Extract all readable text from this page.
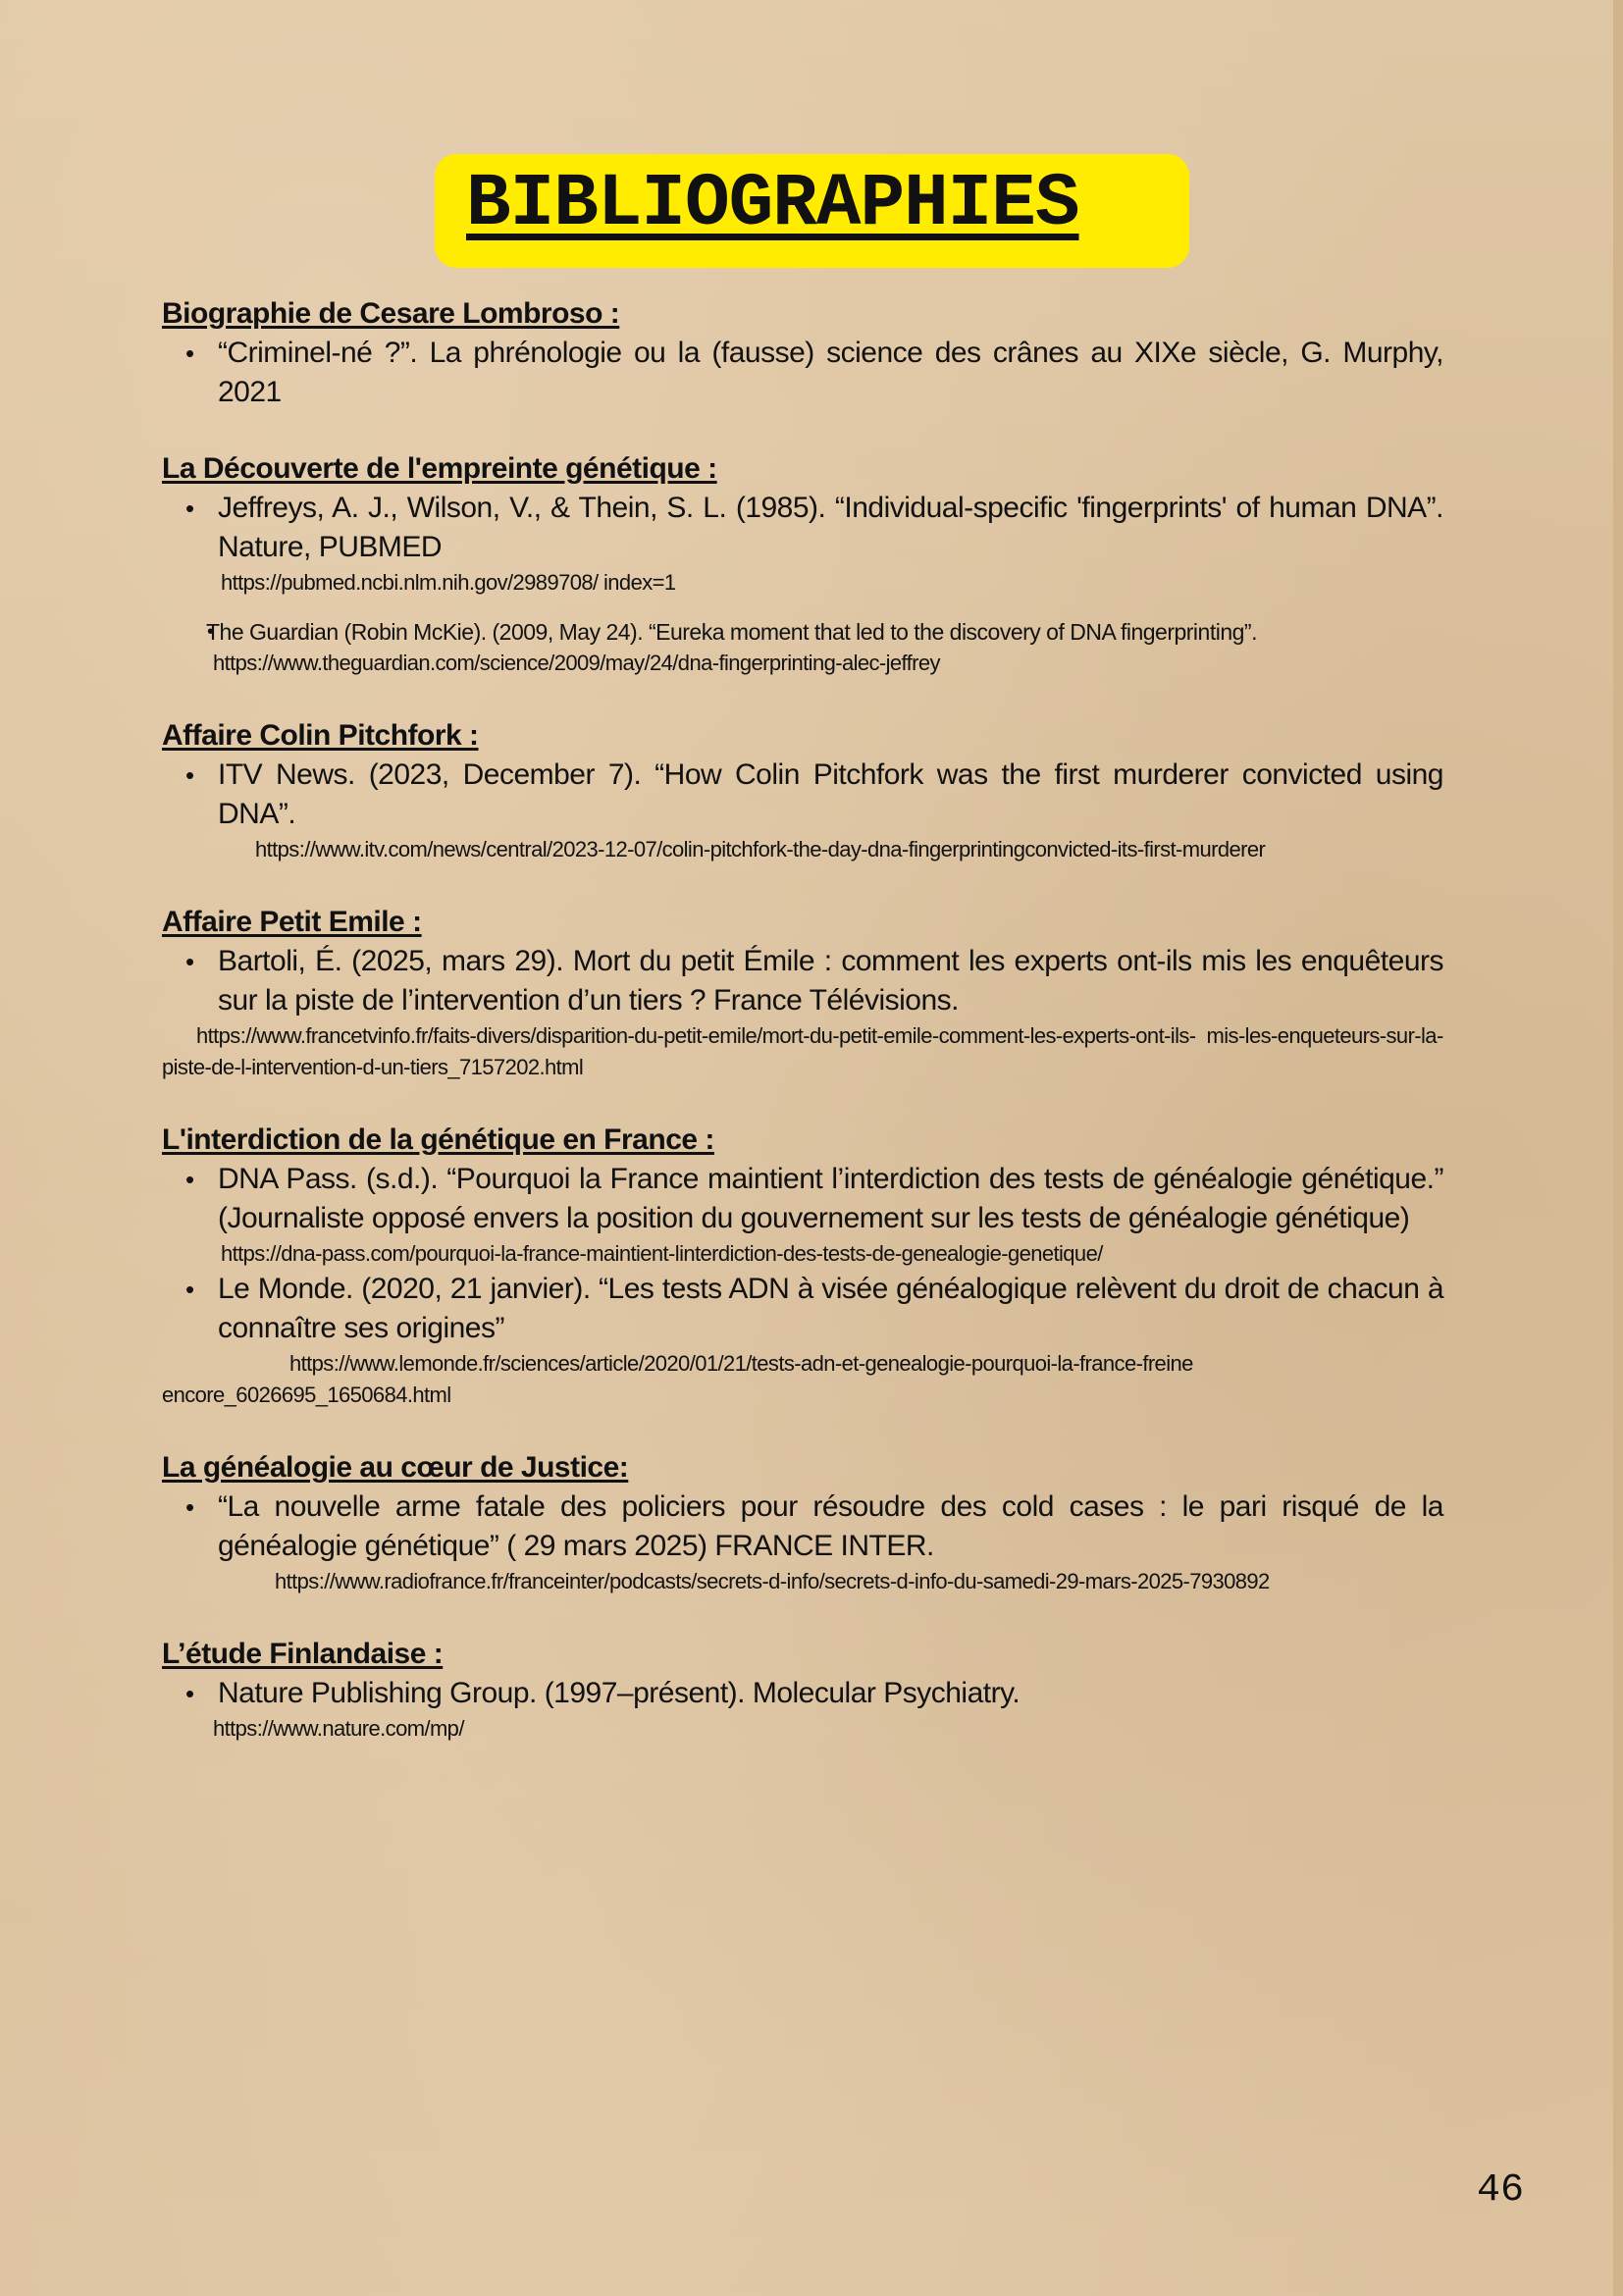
BIBLIOGRAPHIES
Biographie de Cesare Lombroso :
• “Criminel-né ?”. La phrénologie ou la (fausse) science des crânes au XIXe siècle, G. Murphy, 2021
La Découverte de l'empreinte génétique :
• Jeffreys, A. J., Wilson, V., & Thein, S. L. (1985). “Individual-specific 'fingerprints' of human DNA”. Nature, PUBMED
https://pubmed.ncbi.nlm.nih.gov/2989708/ index=1
• The Guardian (Robin McKie). (2009, May 24). “Eureka moment that led to the discovery of DNA fingerprinting”.
https://www.theguardian.com/science/2009/may/24/dna-fingerprinting-alec-jeffrey
Affaire Colin Pitchfork :
• ITV News. (2023, December 7). “How Colin Pitchfork was the first murderer convicted using DNA”.
https://www.itv.com/news/central/2023-12-07/colin-pitchfork-the-day-dna-fingerprintingconvicted-its-first-murderer
Affaire Petit Emile :
• Bartoli, É. (2025, mars 29). Mort du petit Émile : comment les experts ont-ils mis les enquêteurs sur la piste de l’intervention d’un tiers ? France Télévisions.
https://www.francetvinfo.fr/faits-divers/disparition-du-petit-emile/mort-du-petit-emile-comment-les-experts-ont-ils-  mis-les-enqueteurs-sur-la-piste-de-l-intervention-d-un-tiers_7157202.html
L'interdiction de la génétique en France :
• DNA Pass. (s.d.). “Pourquoi la France maintient l’interdiction des tests de généalogie génétique.” (Journaliste opposé envers la position du gouvernement sur les tests de généalogie génétique)
https://dna-pass.com/pourquoi-la-france-maintient-linterdiction-des-tests-de-genealogie-genetique/
• Le Monde. (2020, 21 janvier). “Les tests ADN à visée généalogique relèvent du droit de chacun à connaître ses origines”
https://www.lemonde.fr/sciences/article/2020/01/21/tests-adn-et-genealogie-pourquoi-la-france-freine encore_6026695_1650684.html
La généalogie au cœur de Justice:
• “La nouvelle arme fatale des policiers pour résoudre des cold cases : le pari risqué de la généalogie génétique” ( 29 mars 2025) FRANCE INTER.
https://www.radiofrance.fr/franceinter/podcasts/secrets-d-info/secrets-d-info-du-samedi-29-mars-2025-7930892
L’étude Finlandaise :
• Nature Publishing Group. (1997–présent). Molecular Psychiatry.
https://www.nature.com/mp/
46
